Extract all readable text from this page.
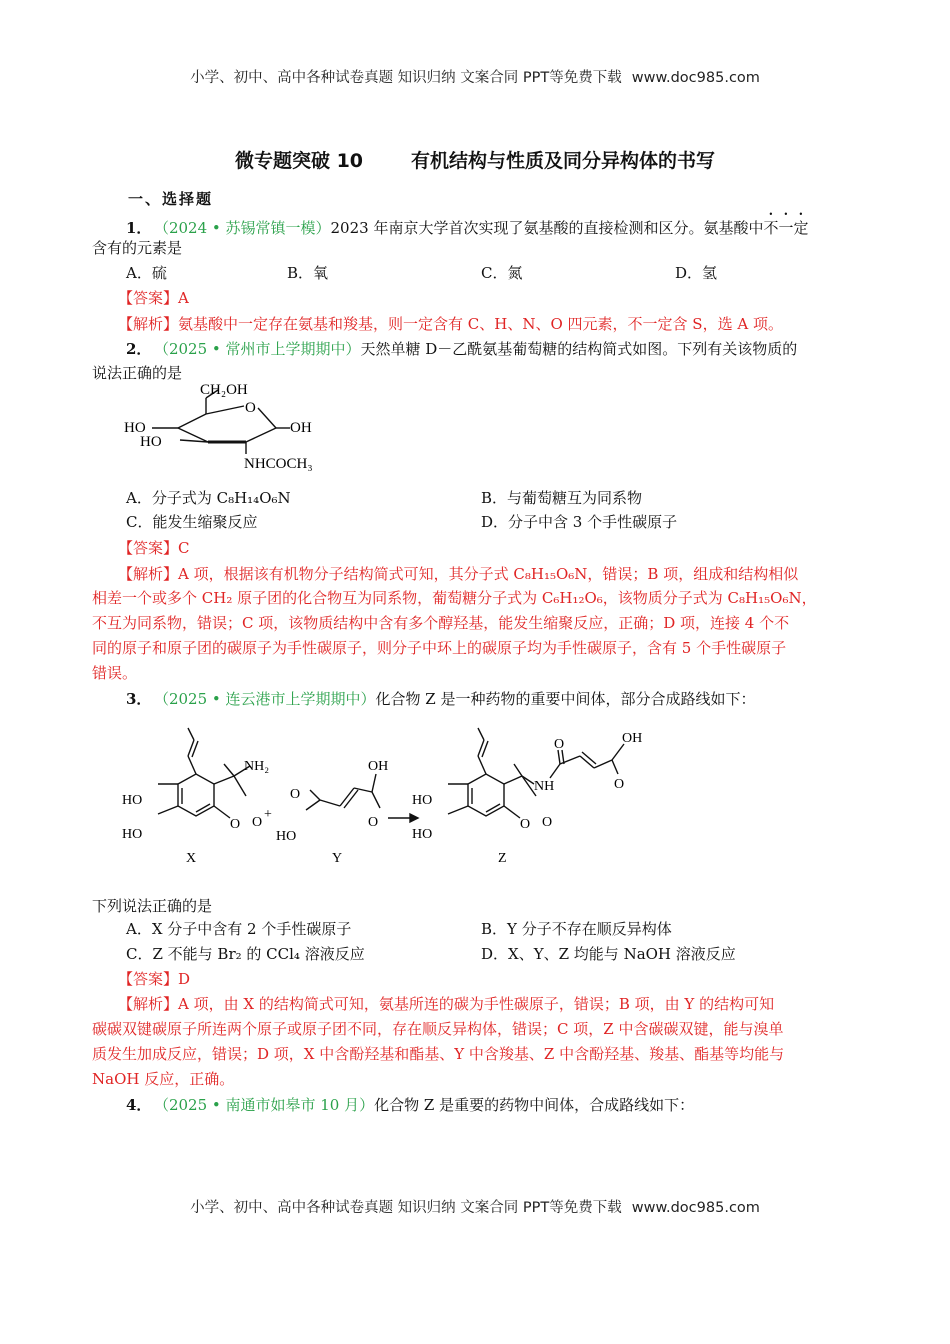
小学、初中、高中各种试卷真题 知识归纳 文案合同 PPT等免费下载 www.doc985.com
微专题突破 10	有机结构与性质及同分异构体的书写
一、选择题
1． （2024 • 苏锡常镇一模）2023 年南京大学首次实现了氨基酸的直接检测和区分。氨基酸中不一定
含有的元素是
A．硫	B．氧	C．氮	D．氢
【答案】A
【解析】氨基酸中一定存在氨基和羧基，则一定含有 C、H、N、O 四元素，不一定含 S，选 A 项。
2． （2025 • 常州市上学期期中）天然单糖 D－乙酰氨基葡萄糖的结构简式如图。下列有关该物质的
说法正确的是
CH₂OH
O
HO
HO
OH
NHCOCH₃
A．分子式为 C₈H₁₄O₆N	B．与葡萄糖互为同系物
C．能发生缩聚反应	D．分子中含 3 个手性碳原子
【答案】C
【解析】A 项，根据该有机物分子结构简式可知，其分子式 C₈H₁₅O₆N，错误；B 项，组成和结构相似
相差一个或多个 CH₂ 原子团的化合物互为同系物，葡萄糖分子式为 C₆H₁₂O₆，该物质分子式为 C₈H₁₅O₆N，
不互为同系物，错误；C 项，该物质结构中含有多个醇羟基，能发生缩聚反应，正确；D 项，连接 4 个不
同的原子和原子团的碳原子为手性碳原子，则分子中环上的碳原子均为手性碳原子，含有 5 个手性碳原子
错误。
3． （2025 • 连云港市上学期期中）化合物 Z 是一种药物的重要中间体，部分合成路线如下：
HO
HO
NH₂
O O
+
X
O
HO
OH
O
Y
HO
HO
NH
O O
O	OH
O
Z
下列说法正确的是
A．X 分子中含有 2 个手性碳原子	B．Y 分子不存在顺反异构体
C．Z 不能与 Br₂ 的 CCl₄ 溶液反应	D．X、Y、Z 均能与 NaOH 溶液反应
【答案】D
【解析】A 项，由 X 的结构简式可知，氨基所连的碳为手性碳原子，错误；B 项，由 Y 的结构可知
碳碳双键碳原子所连两个原子或原子团不同，存在顺反异构体，错误；C 项，Z 中含碳碳双键，能与溴单
质发生加成反应，错误；D 项，X 中含酚羟基和酯基、Y 中含羧基、Z 中含酚羟基、羧基、酯基等均能与
NaOH 反应，正确。
4． （2025 • 南通市如皋市 10 月）化合物 Z 是重要的药物中间体，合成路线如下：
小学、初中、高中各种试卷真题 知识归纳 文案合同 PPT等免费下载 www.doc985.com
